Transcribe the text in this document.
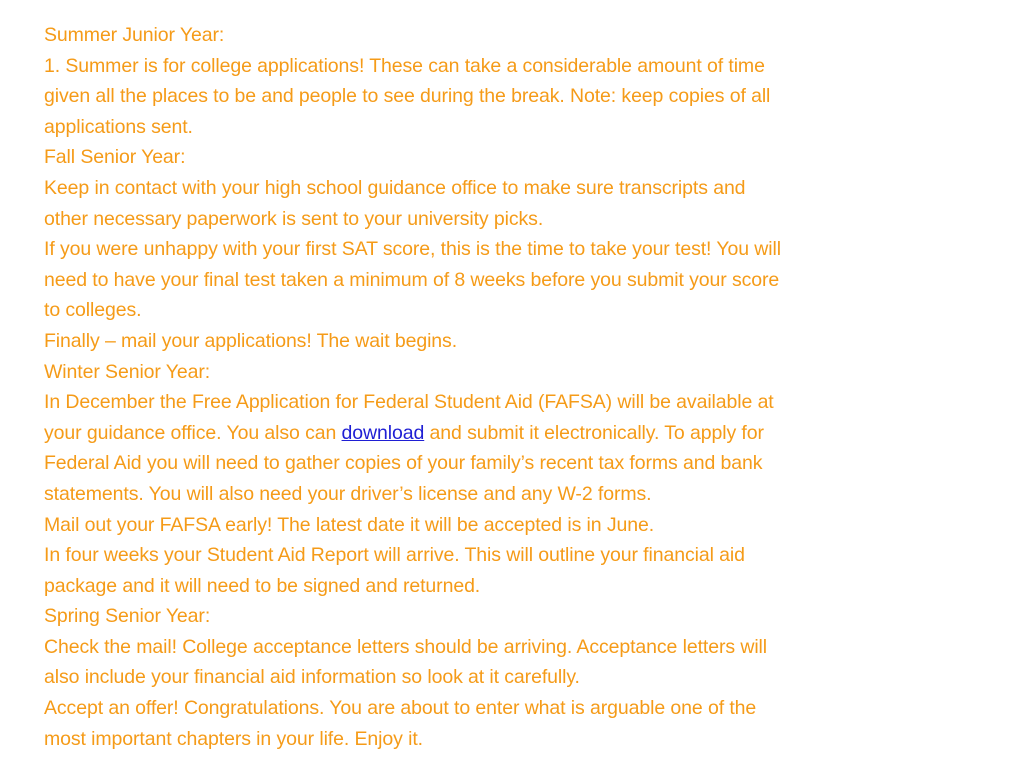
Summer Junior Year:
1. Summer is for college applications! These can take a considerable amount of time
given all the places to be and people to see during the break. Note: keep copies of all
applications sent.
Fall Senior Year:
Keep in contact with your high school guidance office to make sure transcripts and
other necessary paperwork is sent to your university picks.
If you were unhappy with your first SAT score, this is the time to take your test! You will
need to have your final test taken a minimum of 8 weeks before you submit your score
to colleges.
Finally – mail your applications! The wait begins.
Winter Senior Year:
In December the Free Application for Federal Student Aid (FAFSA) will be available at
your guidance office. You also can download and submit it electronically. To apply for
Federal Aid you will need to gather copies of your family’s recent tax forms and bank
statements. You will also need your driver’s license and any W-2 forms.
Mail out your FAFSA early! The latest date it will be accepted is in June.
In four weeks your Student Aid Report will arrive. This will outline your financial aid
package and it will need to be signed and returned.
Spring Senior Year:
Check the mail! College acceptance letters should be arriving. Acceptance letters will
also include your financial aid information so look at it carefully.
Accept an offer! Congratulations. You are about to enter what is arguable one of the
most important chapters in your life. Enjoy it.
